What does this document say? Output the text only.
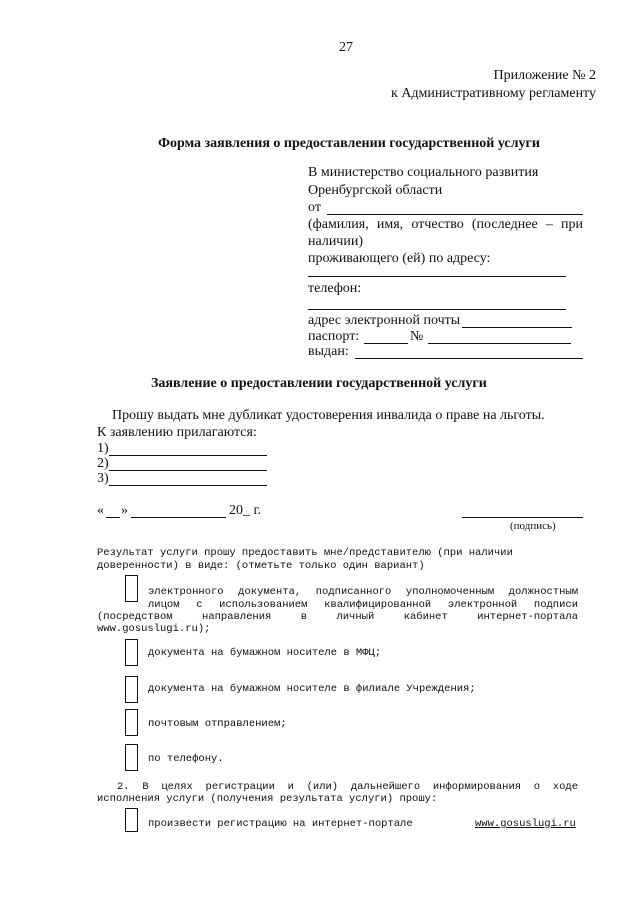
27
Приложение № 2
к Административному регламенту
Форма заявления о предоставлении государственной услуги
В министерство социального развития
Оренбургской области
от
(фамилия, имя, отчество (последнее – при
наличии)
проживающего (ей) по адресу:
телефон:
адрес электронной почты
паспорт:	№
выдан:
Заявление о предоставлении государственной услуги
Прошу выдать мне дубликат удостоверения инвалида о праве на льготы.
К заявлению прилагаются:
1)
2)
3)
« »	20_ г.
(подпись)
Результат услуги прошу предоставить мне/представителю (при наличии
доверенности) в виде: (отметьте только один вариант)
электронного документа, подписанного уполномоченным должностным
лицом с использованием квалифицированной электронной подписи
(посредством направления в личный кабинет интернет-портала
www.gosuslugi.ru);
документа на бумажном носителе в МФЦ;
документа на бумажном носителе в филиале Учреждения;
почтовым отправлением;
по телефону.
2. В целях регистрации и (или) дальнейшего информирования о ходе
исполнения услуги (получения результата услуги) прошу:
произвести регистрацию на интернет-портале	www.gosuslugi.ru
